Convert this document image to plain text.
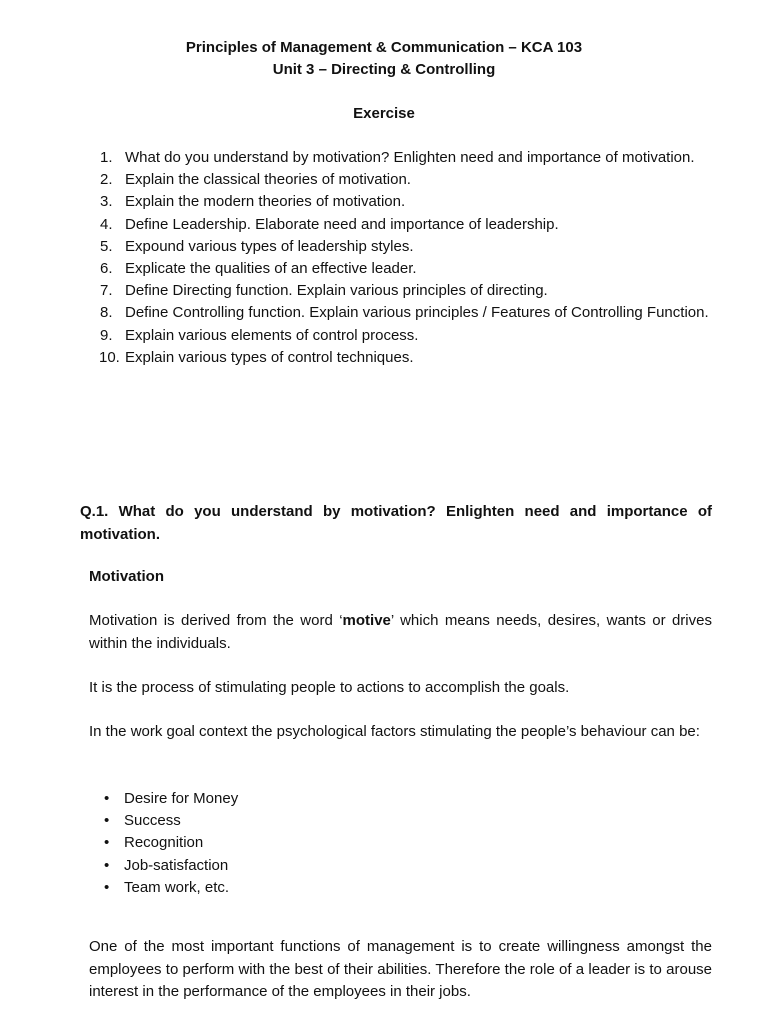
Principles of Management & Communication – KCA 103
Unit 3 – Directing & Controlling
Exercise
1. What do you understand by motivation? Enlighten need and importance of motivation.
2. Explain the classical theories of motivation.
3. Explain the modern theories of motivation.
4. Define Leadership. Elaborate need and importance of leadership.
5. Expound various types of leadership styles.
6. Explicate the qualities of an effective leader.
7. Define Directing function. Explain various principles of directing.
8. Define Controlling function. Explain various principles / Features of Controlling Function.
9. Explain various elements of control process.
10. Explain various types of control techniques.

Q.1. What do you understand by motivation? Enlighten need and importance of motivation.

Motivation

Motivation is derived from the word ‘motive’ which means needs, desires, wants or drives within the individuals.

It is the process of stimulating people to actions to accomplish the goals.

In the work goal context the psychological factors stimulating the people’s behaviour can be:

• Desire for Money
• Success
• Recognition
• Job-satisfaction
• Team work, etc.

One of the most important functions of management is to create willingness amongst the employees to perform with the best of their abilities. Therefore the role of a leader is to arouse interest in the performance of the employees in their jobs.
